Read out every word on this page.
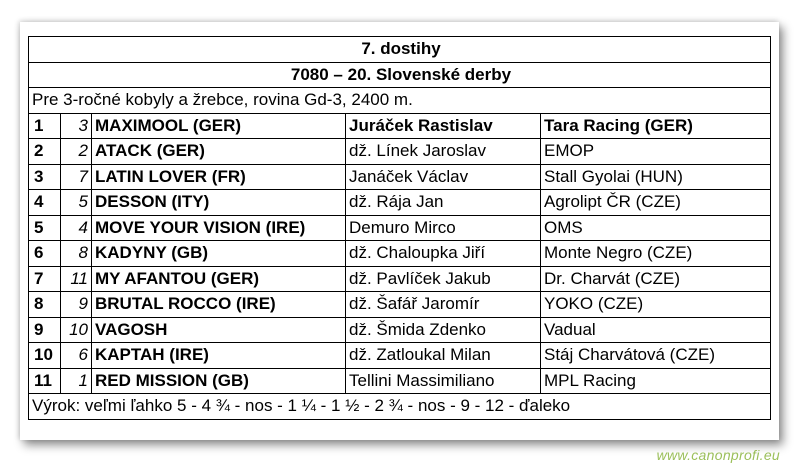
7. dostihy				
7080 – 20. Slovenské derby				
Pre 3-ročné kobyly a žrebce, rovina Gd-3, 2400 m.				
1	3	MAXIMOOL (GER)	Juráček Rastislav	Tara Racing (GER)
2	2	ATACK (GER)	dž. Línek Jaroslav	EMOP
3	7	LATIN LOVER (FR)	Janáček Václav	Stall Gyolai (HUN)
4	5	DESSON (ITY)	dž. Rája Jan	Agrolipt ČR (CZE)
5	4	MOVE YOUR VISION (IRE)	Demuro Mirco	OMS
6	8	KADYNY (GB)	dž. Chaloupka Jiří	Monte Negro (CZE)
7	11	MY AFANTOU (GER)	dž. Pavlíček Jakub	Dr. Charvát (CZE)
8	9	BRUTAL ROCCO (IRE)	dž. Šafář Jaromír	YOKO (CZE)
9	10	VAGOSH	dž. Šmida Zdenko	Vadual
10	6	KAPTAH (IRE)	dž. Zatloukal Milan	Stáj Charvátová (CZE)
11	1	RED MISSION (GB)	Tellini Massimiliano	MPL Racing
Výrok: veľmi ľahko 5 - 4 ¾ - nos - 1 ¼ - 1 ½ - 2 ¾ - nos - 9 - 12 - ďaleko				
www.canonprofi.eu
